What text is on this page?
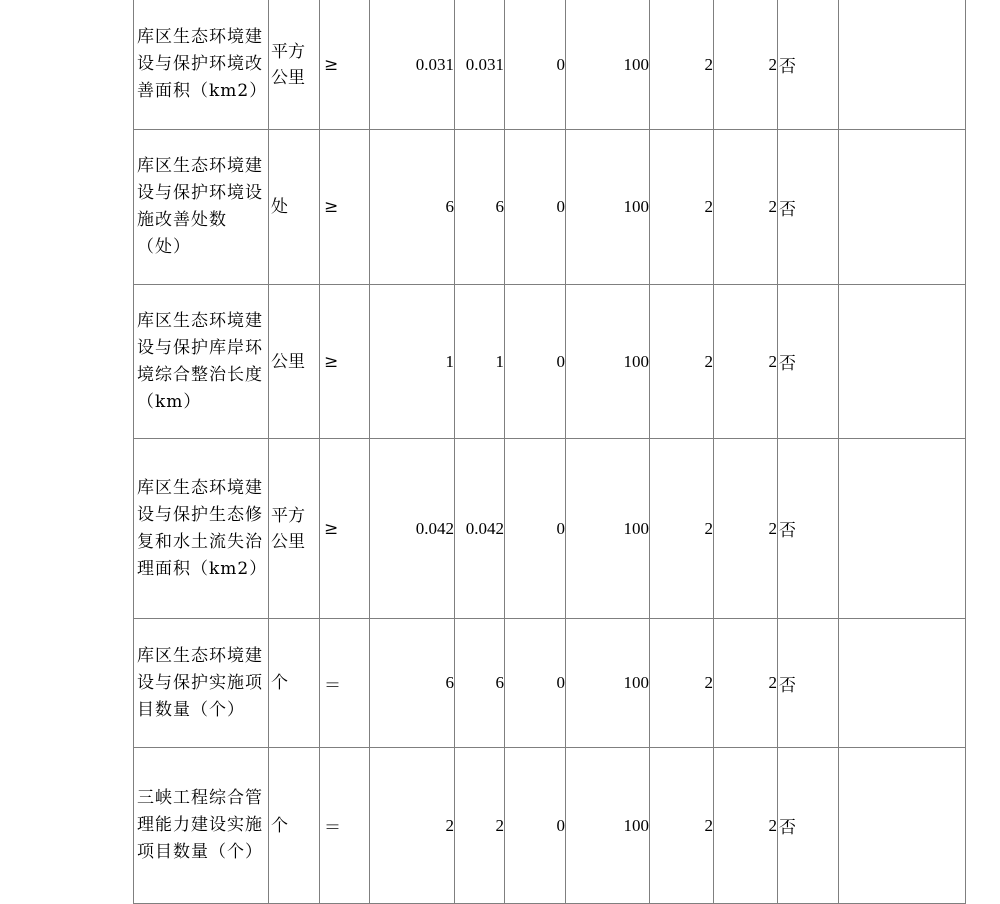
库区生态环境建设与保护环境改善面积（km2）	平方公里	≥	0.031	0.031	0	100	2	2	否	
库区生态环境建设与保护环境设施改善处数（处）	处	≥	6	6	0	100	2	2	否	
库区生态环境建设与保护库岸环境综合整治长度（km）	公里	≥	1	1	0	100	2	2	否	
库区生态环境建设与保护生态修复和水土流失治理面积（km2）	平方公里	≥	0.042	0.042	0	100	2	2	否	
库区生态环境建设与保护实施项目数量（个）	个	＝	6	6	0	100	2	2	否	
三峡工程综合管理能力建设实施项目数量（个）	个	＝	2	2	0	100	2	2	否	
